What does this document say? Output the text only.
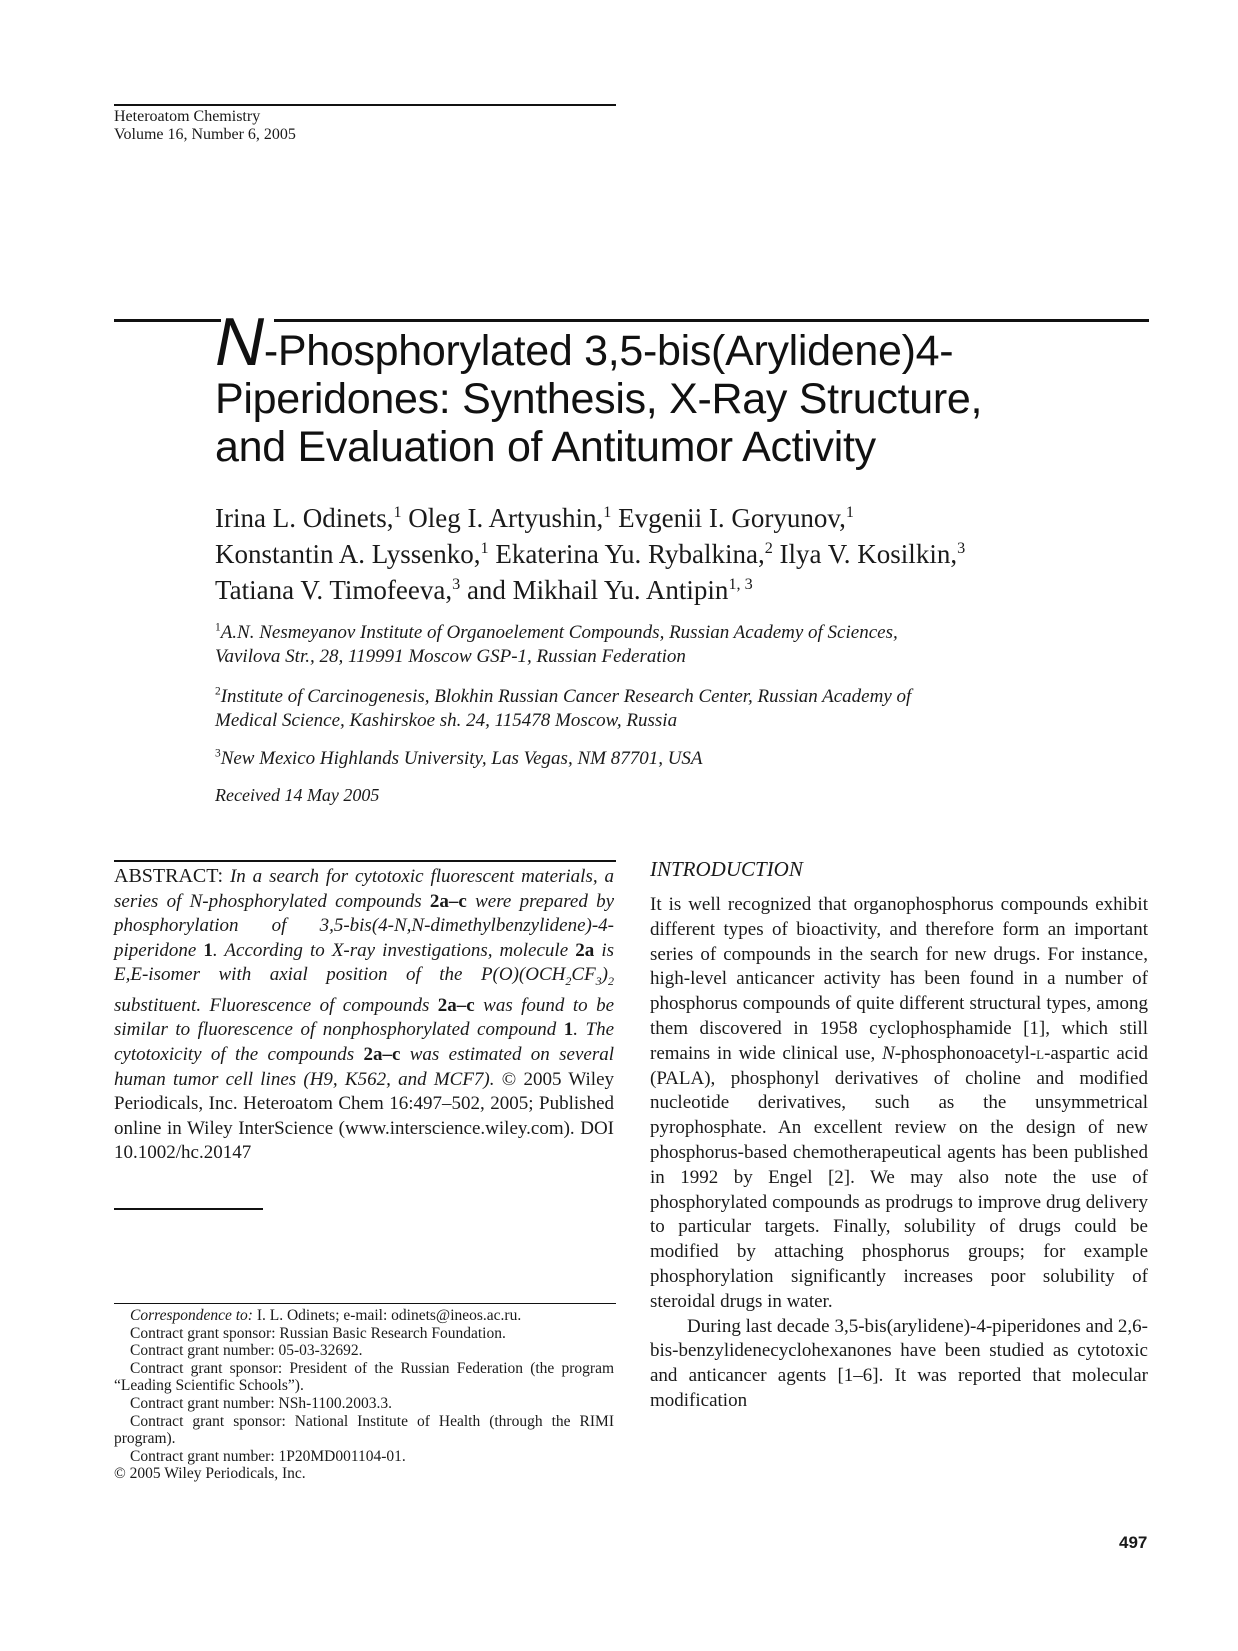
Heteroatom Chemistry
Volume 16, Number 6, 2005
N-Phosphorylated 3,5-bis(Arylidene)4-
Piperidones: Synthesis, X-Ray Structure,
and Evaluation of Antitumor Activity
Irina L. Odinets,$^1$ Oleg I. Artyushin,$^1$ Evgenii I. Goryunov,$^1$
Konstantin A. Lyssenko,$^1$ Ekaterina Yu. Rybalkina,$^2$ Ilya V. Kosilkin,$^3$
Tatiana V. Timofeeva,$^3$ and Mikhail Yu. Antipin$^{1, 3}$
$^1$A.N. Nesmeyanov Institute of Organoelement Compounds, Russian Academy of Sciences,
Vavilova Str., 28, 119991 Moscow GSP-1, Russian Federation
$^2$Institute of Carcinogenesis, Blokhin Russian Cancer Research Center, Russian Academy of
Medical Science, Kashirskoe sh. 24, 115478 Moscow, Russia
$^3$New Mexico Highlands University, Las Vegas, NM 87701, USA
Received 14 May 2005
ABSTRACT: In a search for cytotoxic fluorescent materials, a series of N-phosphorylated compounds 2a–c were prepared by phosphorylation of 3,5-bis(4-N,N-dimethylbenzylidene)-4-piperidone 1. According to X-ray investigations, molecule 2a is E,E-isomer with axial position of the $P(O)(OCH_2CF_3)_2$ substituent. Fluorescence of compounds 2a–c was found to be similar to fluorescence of nonphosphorylated compound 1. The cytotoxicity of the compounds 2a–c was estimated on several human tumor cell lines (H9, K562, and MCF7). © 2005 Wiley Periodicals, Inc. Heteroatom Chem 16:497–502, 2005; Published online in Wiley InterScience (www.interscience.wiley.com). DOI 10.1002/hc.20147
Correspondence to: I. L. Odinets; e-mail: odinets@ineos.ac.ru.
Contract grant sponsor: Russian Basic Research Foundation.
Contract grant number: 05-03-32692.
Contract grant sponsor: President of the Russian Federation (the program “Leading Scientific Schools”).
Contract grant number: NSh-1100.2003.3.
Contract grant sponsor: National Institute of Health (through the RIMI program).
Contract grant number: 1P20MD001104-01.
© 2005 Wiley Periodicals, Inc.
INTRODUCTION

It is well recognized that organophosphorus compounds exhibit different types of bioactivity, and therefore form an important series of compounds in the search for new drugs. For instance, high-level anticancer activity has been found in a number of phosphorus compounds of quite different structural types, among them discovered in 1958 cyclophosphamide [1], which still remains in wide clinical use, N-phosphonoacetyl-l-aspartic acid (PALA), phosphonyl derivatives of choline and modified nucleotide derivatives, such as the unsymmetrical pyrophosphate. An excellent review on the design of new phosphorus-based chemotherapeutical agents has been published in 1992 by Engel [2]. We may also note the use of phosphorylated compounds as prodrugs to improve drug delivery to particular targets. Finally, solubility of drugs could be modified by attaching phosphorus groups; for example phosphorylation significantly increases poor solubility of steroidal drugs in water.

During last decade 3,5-bis(arylidene)-4-piperidones and 2,6-bis-benzylidenecyclohexanones have been studied as cytotoxic and anticancer agents [1–6]. It was reported that molecular modification

497
